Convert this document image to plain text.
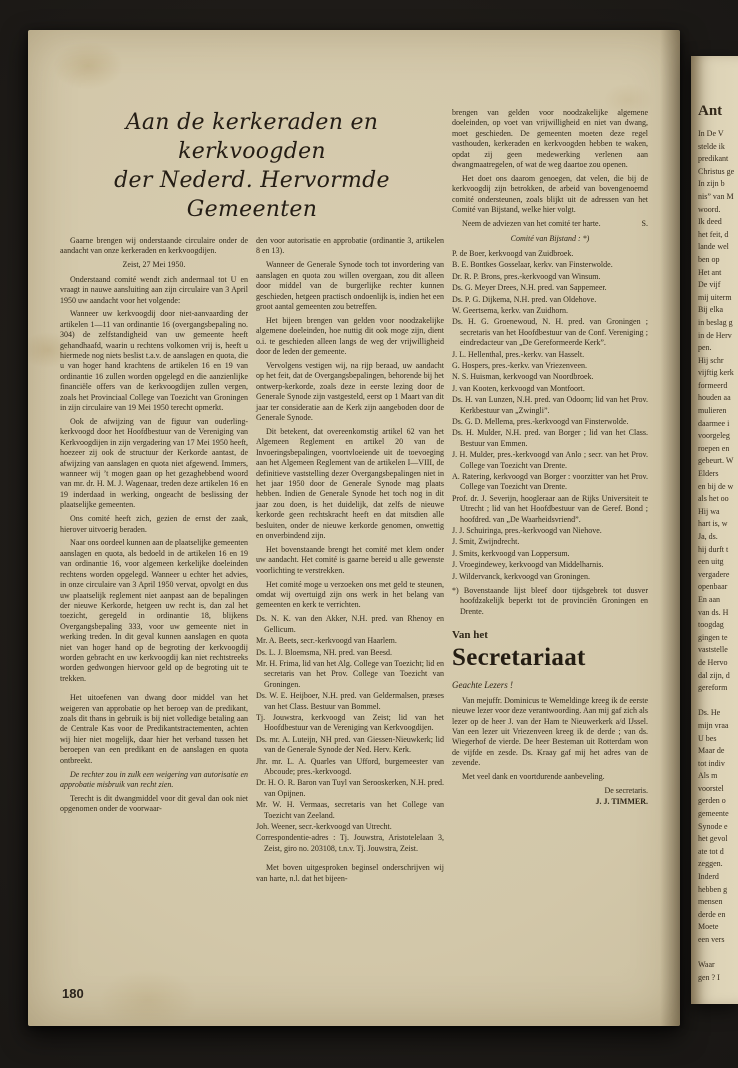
Aan de kerkeraden en kerkvoogden
der Nederd. Hervormde Gemeenten

Gaarne brengen wij onderstaande circulaire onder de aandacht van onze kerkeraden en kerkvoogdijen.

Zeist, 27 Mei 1950.

Onderstaand comité wendt zich andermaal tot U en vraagt in nauwe aansluiting aan zijn circulaire van 3 April 1950 uw aandacht voor het volgende:

Wanneer uw kerkvoogdij door niet-aanvaarding der artikelen 1—11 van ordinantie 16 (overgangsbepaling no. 304) de zelfstandigheid van uw gemeente heeft gehandhaafd, waarin u rechtens volkomen vrij is, heeft u hiermede nog niets beslist t.a.v. de aanslagen en quota, die u van hoger hand krachtens de artikelen 16 en 19 van ordinantie 16 zullen worden opgelegd en die aanzienlijke financiële offers van de kerkvoogdijen zullen vergen, zoals het Provinciaal College van Toezicht van Groningen in zijn circulaire van 19 Mei 1950 terecht opmerkt.

Ook de afwijzing van de figuur van ouderling-kerkvoogd door het Hoofdbestuur van de Vereniging van Kerkvoogdijen in zijn vergadering van 17 Mei 1950 heeft, hoezeer zij ook de structuur der Kerkorde aantast, de afwijzing van aanslagen en quota niet afgewend. Immers, wanneer wij ’t mogen gaan op het gezaghebbend woord van mr. dr. H. M. J. Wagenaar, treden deze artikelen 16 en 19 inderdaad in werking, ongeacht de beslissing der plaatselijke gemeenten.

Ons comité heeft zich, gezien de ernst der zaak, hierover uitvoerig beraden.

Naar ons oordeel kunnen aan de plaatselijke gemeenten aanslagen en quota, als bedoeld in de artikelen 16 en 19 van ordinantie 16, voor algemeen kerkelijke doeleinden rechtens worden opgelegd. Wanneer u echter het advies, in onze circulaire van 3 April 1950 vervat, opvolgt en dus uw plaatselijk reglement niet aanpast aan de bepalingen der nieuwe Kerkorde, hetgeen uw recht is, dan zal het toezicht, geregeld in ordinantie 18, blijkens Overgangsbepaling 333, voor uw gemeente niet in werking treden. In dit geval kunnen aanslagen en quota niet van hoger hand op de begroting der kerkvoogdij worden gebracht en uw kerkvoogdij kan niet rechtstreeks worden gedwongen hiervoor geld op de begroting uit te trekken.

Het uitoefenen van dwang door middel van het weigeren van approbatie op het beroep van de predikant, zoals dit thans in gebruik is bij niet volledige betaling aan de Centrale Kas voor de Predikantstractementen, achten wij hier niet mogelijk, daar hier het verband tussen het beroepen van een predikant en de aanslagen en quota ontbreekt.

De rechter zou in zulk een weigering van autorisatie en approbatie misbruik van recht zien.

Terecht is dit dwangmiddel voor dit geval dan ook niet opgenomen onder de voorwaar-

den voor autorisatie en approbatie (ordinantie 3, artikelen 8 en 13).

Wanneer de Generale Synode toch tot invordering van aanslagen en quota zou willen overgaan, zou dit alleen door middel van de burgerlijke rechter kunnen geschieden, hetgeen practisch ondoenlijk is, indien het een groot aantal gemeenten zou betreffen.

Het bijeen brengen van gelden voor noodzakelijke algemene doeleinden, hoe nuttig dit ook moge zijn, dient o.i. te geschieden alleen langs de weg der vrijwilligheid door de leden der gemeente.

Vervolgens vestigen wij, na rijp beraad, uw aandacht op het feit, dat de Overgangsbepalingen, behorende bij het ontwerp-kerkorde, zoals deze in eerste lezing door de Generale Synode zijn vastgesteld, eerst op 1 Maart van dit jaar ter consideratie aan de Kerk zijn aangeboden door de Generale Synode.

Dit betekent, dat overeenkomstig artikel 62 van het Algemeen Reglement en artikel 20 van de Invoeringsbepalingen, voortvloeiende uit de toevoeging aan het Algemeen Reglement van de artikelen I—VIII, de definitieve vaststelling dezer Overgangsbepalingen niet in het jaar 1950 door de Generale Synode mag plaats hebben. Indien de Generale Synode het toch nog in dit jaar zou doen, is het duidelijk, dat zelfs de nieuwe kerkorde geen rechtskracht heeft en dat mitsdien alle besluiten, onder de nieuwe kerkorde genomen, onwettig en onverbindend zijn.

Het bovenstaande brengt het comité met klem onder uw aandacht. Het comité is gaarne bereid u alle gewenste voorlichting te verstrekken.

Het comité moge u verzoeken ons met geld te steunen, omdat wij overtuigd zijn ons werk in het belang van gemeenten en kerk te verrichten.

Ds. N. K. van den Akker, N.H. pred. van Rhenoy en Gellicum.

Mr. A. Beets, secr.-kerkvoogd van Haarlem.

Ds. L. J. Bloemsma, NH. pred. van Beesd.

Mr. H. Frima, lid van het Alg. College van Toezicht; lid en secretaris van het Prov. College van Toezicht van Groningen.

Ds. W. E. Heijboer, N.H. pred. van Geldermalsen, præses van het Class. Bestuur van Bommel.

Tj. Jouwstra, kerkvoogd van Zeist; lid van het Hoofdbestuur van de Vereniging van Kerkvoogdijen.

Ds. mr. A. Luteijn, NH pred. van Giessen-Nieuwkerk; lid van de Generale Synode der Ned. Herv. Kerk.

Jhr. mr. L. A. Quarles van Ufford, burgemeester van Abcoude; pres.-kerkvoogd.

Dr. H. O. R. Baron van Tuyl van Serooskerken, N.H. pred. van Opijnen.

Mr. W. H. Vermaas, secretaris van het College van Toezicht van Zeeland.

Joh. Weener, secr.-kerkvoogd van Utrecht.

Correspondentie-adres : Tj. Jouwstra, Aristotelelaan 3, Zeist, giro no. 203108, t.n.v. Tj. Jouwstra, Zeist.

Met boven uitgesproken beginsel onderschrijven wij van harte, n.l. dat het bijeen-

brengen van gelden voor noodzakelijke algemene doeleinden, op voet van vrijwilligheid en niet van dwang, moet geschieden. De gemeenten moeten deze regel vasthouden, kerkeraden en kerkvoogden hebben te waken, opdat zij geen medewerking verlenen aan dwangmaatregelen, of wat de weg daartoe zou openen.

Het doet ons daarom genoegen, dat velen, die bij de kerkvoogdij zijn betrokken, de arbeid van bovengenoemd comité ondersteunen, zoals blijkt uit de adressen van het Comité van Bijstand, welke hier volgt.

Neem de adviezen van het comité ter harte.	S.

Comité van Bijstand : *)

P. de Boer, kerkvoogd van Zuidbroek.

B. E. Bontkes Gosselaar, kerkv. van Finsterwolde.

Dr. R. P. Brons, pres.-kerkvoogd van Winsum.

Ds. G. Meyer Drees, N.H. pred. van Sappemeer.

Ds. P. G. Dijkema, N.H. pred. van Oldehove.

W. Geertsema, kerkv. van Zuidhorn.

Ds. H. G. Groenewoud, N. H. pred. van Groningen ; secretaris van het Hoofdbestuur van de Conf. Vereniging ; eindredacteur van „De Gereformeerde Kerk”.

J. L. Hellenthal, pres.-kerkv. van Hasselt.

G. Hospers, pres.-kerkv. van Vriezenveen.

N. S. Huisman, kerkvoogd van Noordbroek.

J. van Kooten, kerkvoogd van Montfoort.

Ds. H. van Lunzen, N.H. pred. van Odoorn; lid van het Prov. Kerkbestuur van „Zwingli”.

Ds. G. D. Mellema, pres.-kerkvoogd van Finsterwolde.

Ds. H. Mulder, N.H. pred. van Borger ; lid van het Class. Bestuur van Emmen.

J. H. Mulder, pres.-kerkvoogd van Anlo ; secr. van het Prov. College van Toezicht van Drente.

A. Ratering, kerkvoogd van Borger : voorzitter van het Prov. College van Toezicht van Drente.

Prof. dr. J. Severijn, hoogleraar aan de Rijks Universiteit te Utrecht ; lid van het Hoofdbestuur van de Geref. Bond ; hoofdred. van „De Waarheidsvriend”.

J. J. Schuiringa, pres.-kerkvoogd van Niehove.

J. Smit, Zwijndrecht.

J. Smits, kerkvoogd van Loppersum.

J. Vroegindewey, kerkvoogd van Middelharnis.

J. Wildervanck, kerkvoogd van Groningen.

*) Bovenstaande lijst bleef door tijdsgebrek tot dusver hoofdzakelijk beperkt tot de provinciën Groningen en Drente.

Van het

Secretariaat

Geachte Lezers !

Van mejuffr. Dominicus te Wemeldinge kreeg ik de eerste nieuwe lezer voor deze verantwoording. Aan mij gaf zich als lezer op de heer J. van der Ham te Nieuwerkerk a/d IJssel. Van een lezer uit Vriezenveen kreeg ik de derde ; van ds. Wiegerhof de vierde. De heer Besteman uit Rotterdam won de vijfde en zesde. Ds. Kraay gaf mij het adres van de zevende.

Met veel dank en voortdurende aanbeveling.

De secretaris.

J. J. TIMMER.

180
Ant
In De V
stelde ik
predikant
Christus ge
In zijn b
nis” van M
woord.
Ik deed
het feit, d
lande wel
ben op
Het ant
De vijf
mij uiterm
Bij elka
in beslag g
in de Herv
pen.
Hij schr
vijftig kerk
formeerd
houden aa
mulieren
daarmee i
voorgeleg
roepen en
gebeurt. W
Elders
en bij de w
als het oo
Hij wa
hart is, w
Ja, ds.
hij durft t
een uitg
vergadere
openbaar
En aan
van ds. H
toogdag
gingen te
vaststelle
de Hervo
dal zijn, d
gereform
Ds. He
mijn vraa
U bes
Maar de
tot indiv
Als m
voorstel
gerden o
gemeente
Synode e
het gevol
ate tot d
zeggen.
Inderd
hebben g
mensen
derde en
Moete
een vers
Waar
gen ? I
